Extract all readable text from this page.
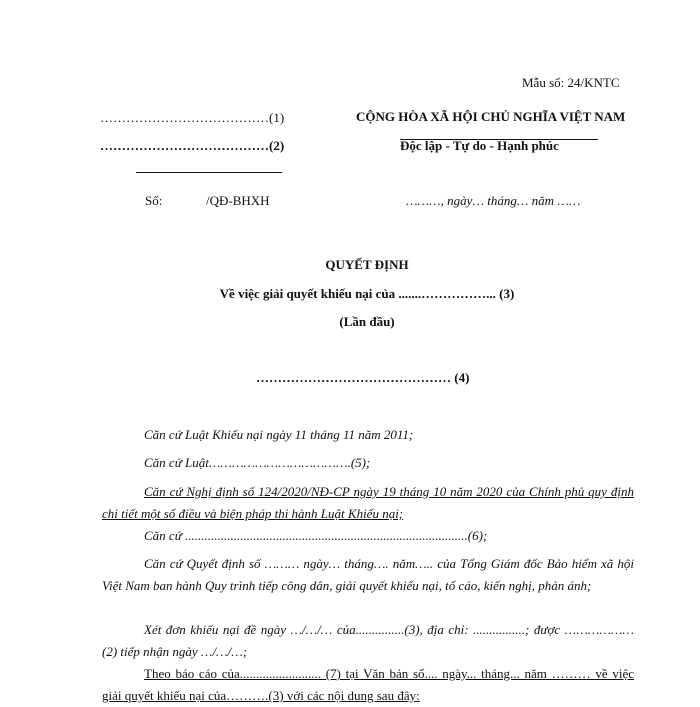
Mẫu số: 24/KNTC
…………………………………(1)
…………………………………(2)
CỘNG HÒA XÃ HỘI CHỦ NGHĨA VIỆT NAM
Độc lập - Tự do - Hạnh phúc
Số:	/QĐ-BHXH	………, ngày… tháng… năm ……
QUYẾT ĐỊNH
Về việc giải quyết khiếu nại của .......……………... (3)
(Lần đầu)
……………………………………… (4)
Căn cứ Luật Khiếu nại ngày 11 tháng 11 năm 2011;
Căn cứ Luật……………………………….(5);
Căn cứ Nghị định số 124/2020/NĐ-CP ngày 19 tháng 10 năm 2020 của Chính phủ quy định chi tiết một số điều và biện pháp thi hành Luật Khiếu nại;
Căn cứ .......................................................................................(6);
Căn cứ Quyết định số ……… ngày… tháng…. năm….. của Tổng Giám đốc Bảo hiểm xã hội Việt Nam ban hành Quy trình tiếp công dân, giải quyết khiếu nại, tố cáo, kiến nghị, phản ánh;
Xét đơn khiếu nại đề ngày …/…/… của...............(3), địa chỉ: ................; được ………………(2) tiếp nhận ngày …/…/…;
Theo báo cáo của......................... (7) tại Văn bản số.... ngày... tháng... năm ……… về việc giải quyết khiếu nại của……….(3) với các nội dung sau đây:
